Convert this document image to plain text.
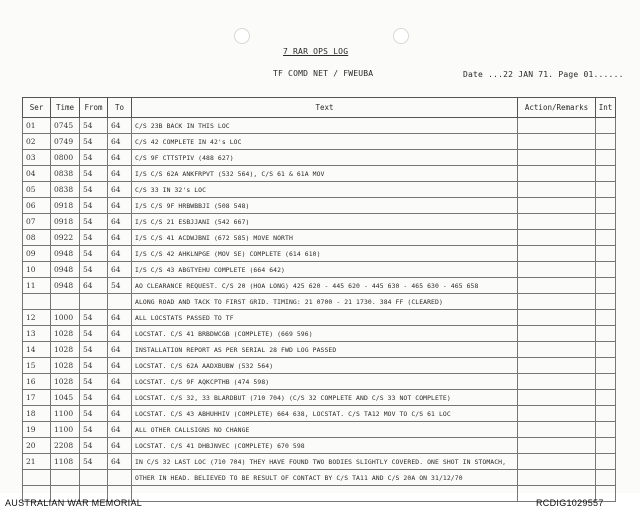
7 RAR OPS LOG
TF COMD NET / FWEUBA	Date ...22 JAN 71. Page 01......
Ser	Time	From	To	Text	Action/Remarks	Int
01	0745	54	64	C/S 23B BACK IN THIS LOC		
02	0749	54	64	C/S 42 COMPLETE IN 42's LOC		
03	0800	54	64	C/S 9F CTTSTPIV (488 627)		
04	0838	54	64	I/S C/S 62A ANKFRPVT (532 564), C/S 61 & 61A MOV		
05	0838	54	64	C/S 33 IN 32's LOC		
06	0918	54	64	I/S C/S 9F HRBWBBJI (508 548)		
07	0918	54	64	I/S C/S 21 ESBJJANI (542 667)		
08	0922	54	64	I/S C/S 41 ACDWJBNI (672 585) MOVE NORTH		
09	0948	54	64	I/S C/S 42 AHKLNPGE (MOV SE) COMPLETE (614 610)		
10	0948	54	64	I/S C/S 43 ABGTYEHU COMPLETE (664 642)		
11	0948	64	54	AO CLEARANCE REQUEST. C/S 20 (HOA LONG) 425 620 - 445 620 - 445 630 - 465 630 - 465 658		
				ALONG ROAD AND TACK TO FIRST GRID. TIMING: 21 0700 - 21 1730. 384 FF (CLEARED)		
12	1000	54	64	ALL LOCSTATS PASSED TO TF		
13	1028	54	64	LOCSTAT. C/S 41 BRBDWCGB (COMPLETE) (669 596)		
14	1028	54	64	INSTALLATION REPORT AS PER SERIAL 28 FWD LOG PASSED		
15	1028	54	64	LOCSTAT. C/S 62A AADXBUBW (532 564)		
16	1028	54	64	LOCSTAT. C/S 9F AQKCPTHB (474 598)		
17	1045	54	64	LOCSTAT. C/S 32, 33 BLARDBUT (710 704) (C/S 32 COMPLETE AND C/S 33 NOT COMPLETE)		
18	1100	54	64	LOCSTAT. C/S 43 ABHUHHIV (COMPLETE) 664 638, LOCSTAT. C/S TA12 MOV TO C/S 61 LOC		
19	1100	54	64	ALL OTHER CALLSIGNS NO CHANGE		
20	2208	54	64	LOCSTAT. C/S 41 DHBJNVEC (COMPLETE) 670 598		
21	1108	54	64	IN C/S 32 LAST LOC (710 704) THEY HAVE FOUND TWO BODIES SLIGHTLY COVERED. ONE SHOT IN STOMACH,		
				OTHER IN HEAD. BELIEVED TO BE RESULT OF CONTACT BY C/S TA11 AND C/S 20A ON 31/12/70		

AUSTRALIAN WAR MEMORIAL	RCDIG1029557
